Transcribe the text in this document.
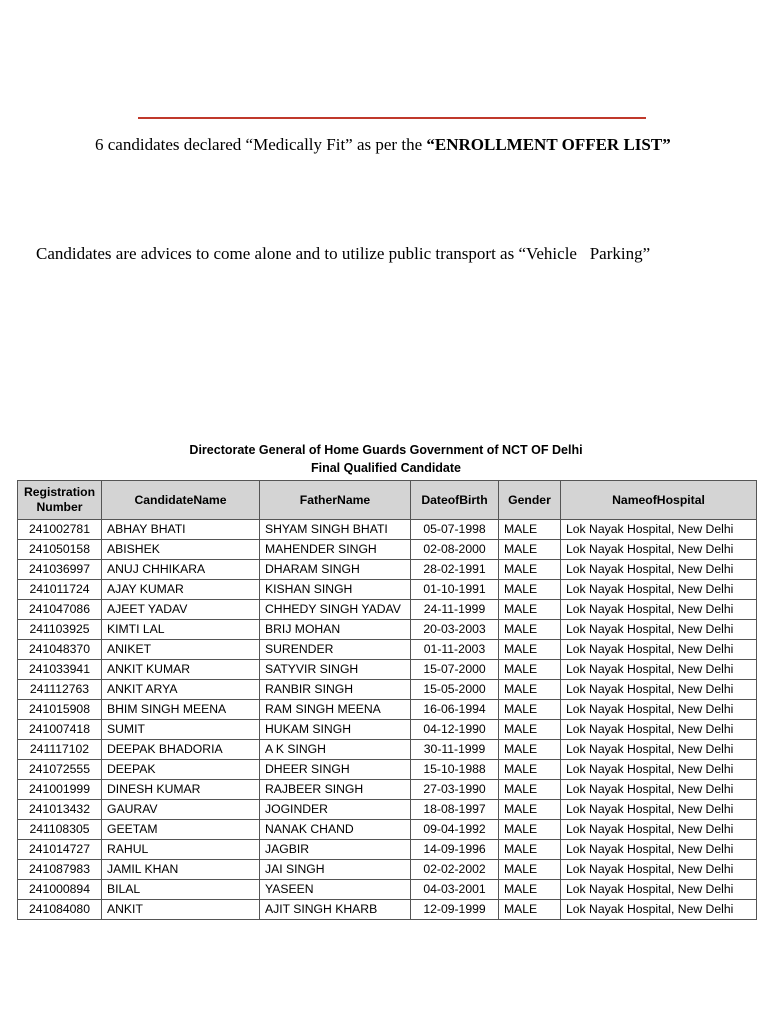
6 candidates declared “Medically Fit” as per the “ENROLLMENT OFFER LIST”
Candidates are advices to come alone and to utilize public transport as “Vehicle   Parking”
Directorate General of Home Guards Government of NCT OF Delhi
Final Qualified Candidate
Registration Number	CandidateName	FatherName	DateofBirth	Gender	NameofHospital
241002781	ABHAY BHATI	SHYAM SINGH BHATI	05-07-1998	MALE	Lok Nayak Hospital, New Delhi
241050158	ABISHEK	MAHENDER SINGH	02-08-2000	MALE	Lok Nayak Hospital, New Delhi
241036997	ANUJ CHHIKARA	DHARAM SINGH	28-02-1991	MALE	Lok Nayak Hospital, New Delhi
241011724	AJAY KUMAR	KISHAN SINGH	01-10-1991	MALE	Lok Nayak Hospital, New Delhi
241047086	AJEET YADAV	CHHEDY SINGH YADAV	24-11-1999	MALE	Lok Nayak Hospital, New Delhi
241103925	KIMTI LAL	BRIJ MOHAN	20-03-2003	MALE	Lok Nayak Hospital, New Delhi
241048370	ANIKET	SURENDER	01-11-2003	MALE	Lok Nayak Hospital, New Delhi
241033941	ANKIT KUMAR	SATYVIR SINGH	15-07-2000	MALE	Lok Nayak Hospital, New Delhi
241112763	ANKIT ARYA	RANBIR SINGH	15-05-2000	MALE	Lok Nayak Hospital, New Delhi
241015908	BHIM SINGH MEENA	RAM SINGH MEENA	16-06-1994	MALE	Lok Nayak Hospital, New Delhi
241007418	SUMIT	HUKAM SINGH	04-12-1990	MALE	Lok Nayak Hospital, New Delhi
241117102	DEEPAK BHADORIA	A K SINGH	30-11-1999	MALE	Lok Nayak Hospital, New Delhi
241072555	DEEPAK	DHEER SINGH	15-10-1988	MALE	Lok Nayak Hospital, New Delhi
241001999	DINESH KUMAR	RAJBEER SINGH	27-03-1990	MALE	Lok Nayak Hospital, New Delhi
241013432	GAURAV	JOGINDER	18-08-1997	MALE	Lok Nayak Hospital, New Delhi
241108305	GEETAM	NANAK CHAND	09-04-1992	MALE	Lok Nayak Hospital, New Delhi
241014727	RAHUL	JAGBIR	14-09-1996	MALE	Lok Nayak Hospital, New Delhi
241087983	JAMIL KHAN	JAI SINGH	02-02-2002	MALE	Lok Nayak Hospital, New Delhi
241000894	BILAL	YASEEN	04-03-2001	MALE	Lok Nayak Hospital, New Delhi
241084080	ANKIT	AJIT SINGH KHARB	12-09-1999	MALE	Lok Nayak Hospital, New Delhi
